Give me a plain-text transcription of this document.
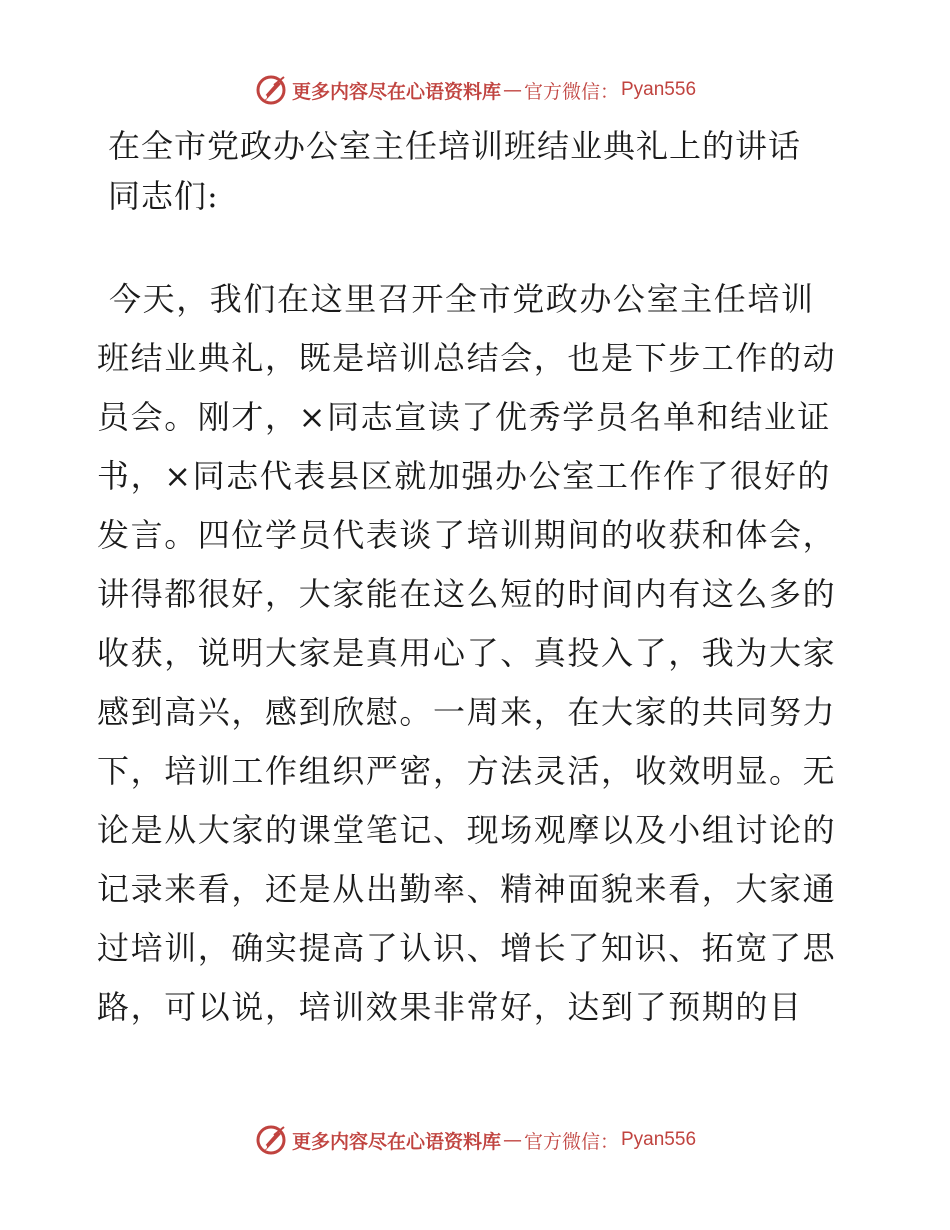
更多内容尽在心语资料库 — 官方微信： Pyan556
在全市党政办公室主任培训班结业典礼上的讲话
同志们:
今天，我们在这里召开全市党政办公室主任培训
班结业典礼，既是培训总结会，也是下步工作的动
员会。刚才，×同志宣读了优秀学员名单和结业证
书，×同志代表县区就加强办公室工作作了很好的
发言。四位学员代表谈了培训期间的收获和体会，
讲得都很好，大家能在这么短的时间内有这么多的
收获，说明大家是真用心了、真投入了，我为大家
感到高兴，感到欣慰。一周来，在大家的共同努力
下，培训工作组织严密，方法灵活，收效明显。无
论是从大家的课堂笔记、现场观摩以及小组讨论的
记录来看，还是从出勤率、精神面貌来看，大家通
过培训，确实提高了认识、增长了知识、拓宽了思
路，可以说，培训效果非常好，达到了预期的目
更多内容尽在心语资料库 — 官方微信： Pyan556
